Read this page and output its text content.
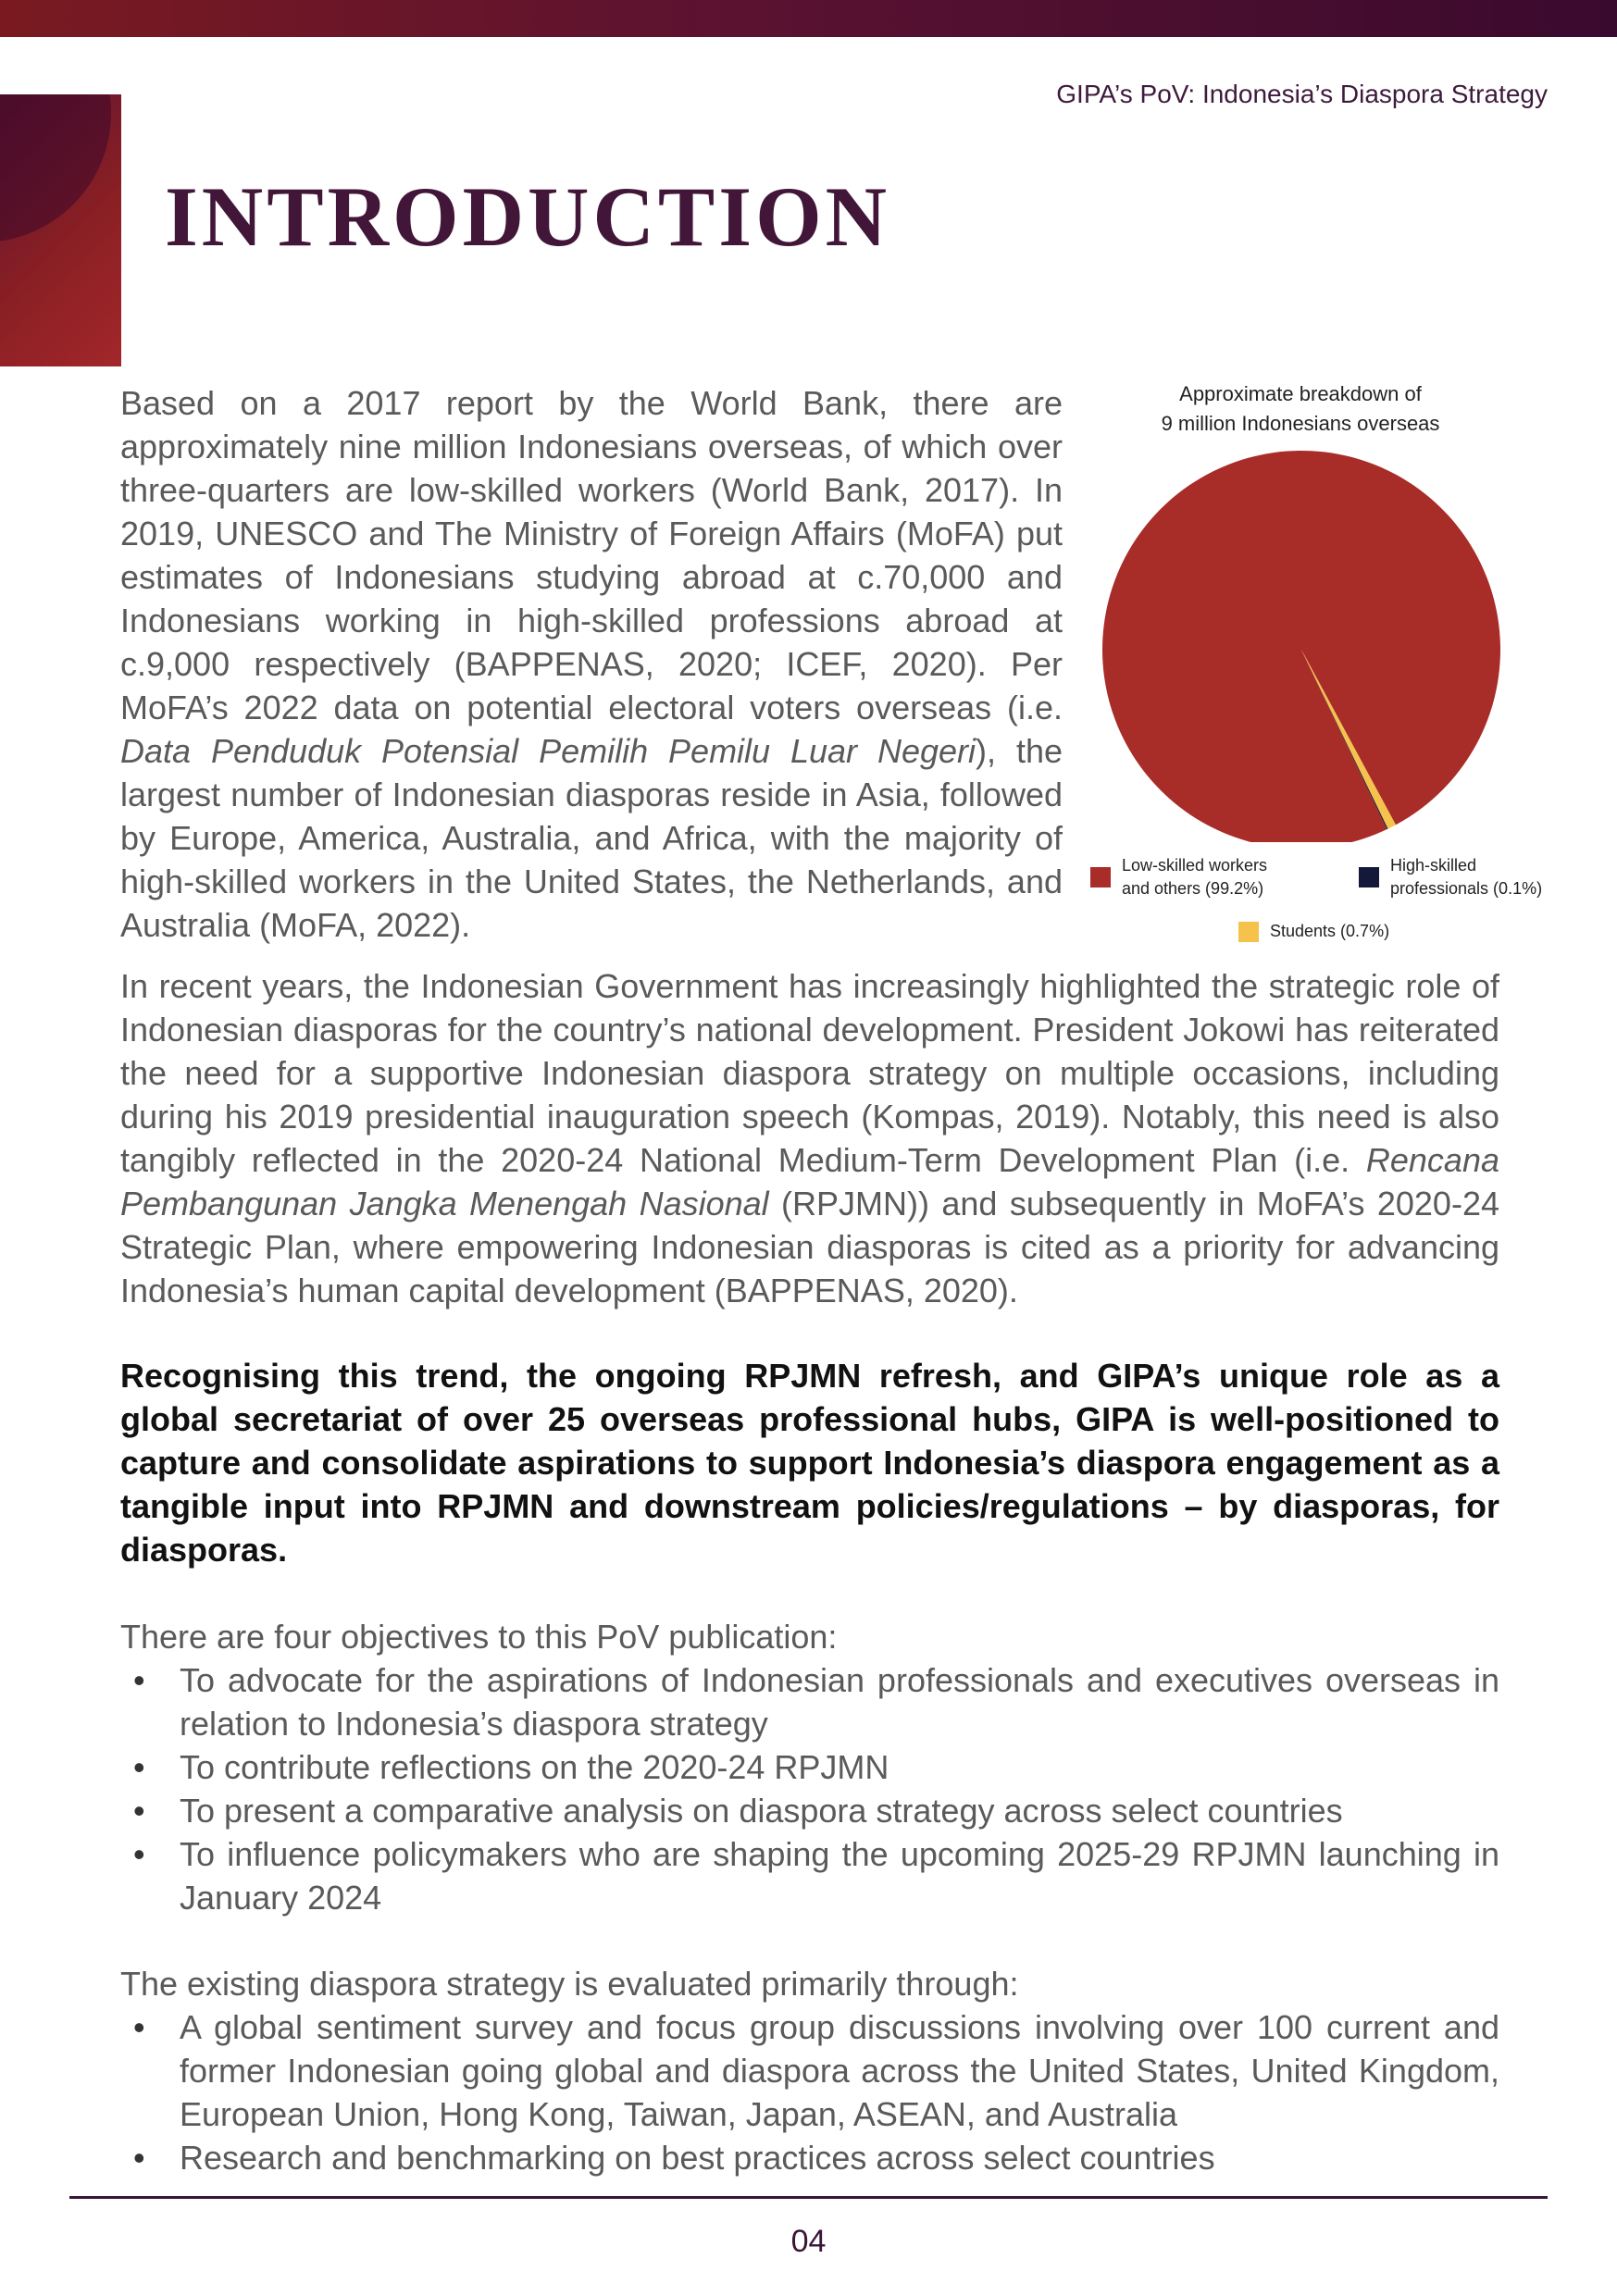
GIPA’s PoV: Indonesia’s Diaspora Strategy
INTRODUCTION

Based on a 2017 report by the World Bank, there are approximately nine million Indonesians overseas, of which over three-quarters are low-skilled workers (World Bank, 2017). In 2019, UNESCO and The Ministry of Foreign Affairs (MoFA) put estimates of Indonesians studying abroad at c.70,000 and Indonesians working in high-skilled professions abroad at c.9,000 respectively (BAPPENAS, 2020; ICEF, 2020). Per MoFA’s 2022 data on potential electoral voters overseas (i.e. Data Penduduk Potensial Pemilih Pemilu Luar Negeri), the largest number of Indonesian diasporas reside in Asia, followed by Europe, America, Australia, and Africa, with the majority of high-skilled workers in the United States, the Netherlands, and Australia (MoFA, 2022).

Approximate breakdown of
9 million Indonesians overseas
Low-skilled workers
and others (99.2%)
High-skilled
professionals (0.1%)
Students (0.7%)

In recent years, the Indonesian Government has increasingly highlighted the strategic role of Indonesian diasporas for the country’s national development. President Jokowi has reiterated the need for a supportive Indonesian diaspora strategy on multiple occasions, including during his 2019 presidential inauguration speech (Kompas, 2019). Notably, this need is also tangibly reflected in the 2020-24 National Medium-Term Development Plan (i.e. Rencana Pembangunan Jangka Menengah Nasional (RPJMN)) and subsequently in MoFA’s 2020-24 Strategic Plan, where empowering Indonesian diasporas is cited as a priority for advancing Indonesia’s human capital development (BAPPENAS, 2020).

Recognising this trend, the ongoing RPJMN refresh, and GIPA’s unique role as a global secretariat of over 25 overseas professional hubs, GIPA is well-positioned to capture and consolidate aspirations to support Indonesia’s diaspora engagement as a tangible input into RPJMN and downstream policies/regulations – by diasporas, for diasporas.

There are four objectives to this PoV publication:

• To advocate for the aspirations of Indonesian professionals and executives overseas in relation to Indonesia’s diaspora strategy
• To contribute reflections on the 2020-24 RPJMN
• To present a comparative analysis on diaspora strategy across select countries
• To influence policymakers who are shaping the upcoming 2025-29 RPJMN launching in January 2024

The existing diaspora strategy is evaluated primarily through:

• A global sentiment survey and focus group discussions involving over 100 current and former Indonesian going global and diaspora across the United States, United Kingdom, European Union, Hong Kong, Taiwan, Japan, ASEAN, and Australia
• Research and benchmarking on best practices across select countries
04
